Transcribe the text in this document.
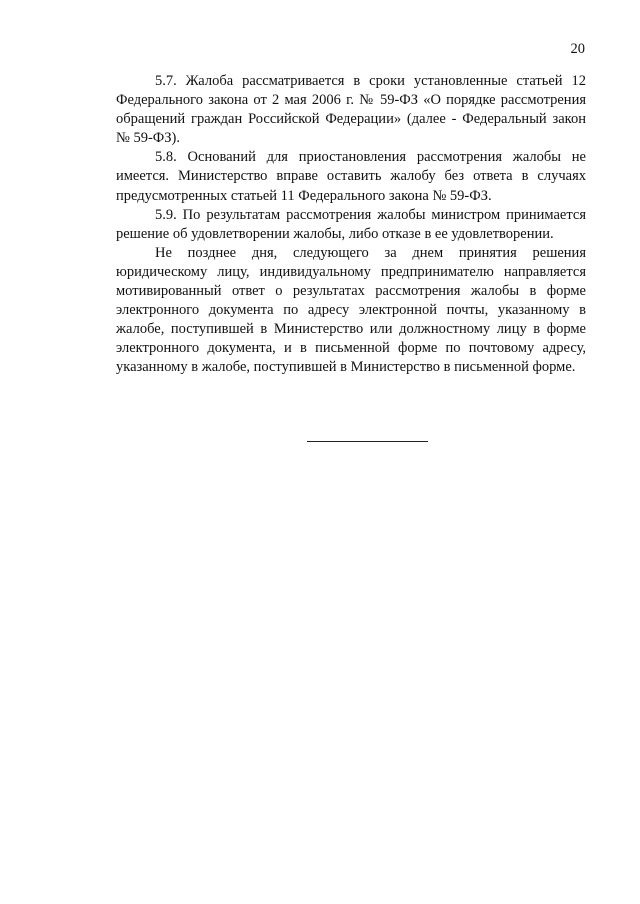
20

5.7. Жалоба рассматривается в сроки установленные статьей 12 Федерального закона от 2 мая 2006 г. № 59-ФЗ «О порядке рассмотрения обращений граждан Российской Федерации» (далее - Федеральный закон № 59-ФЗ).

5.8. Оснований для приостановления рассмотрения жалобы не имеется. Министерство вправе оставить жалобу без ответа в случаях предусмотренных статьей 11 Федерального закона № 59-ФЗ.

5.9. По результатам рассмотрения жалобы министром принимается решение об удовлетворении жалобы, либо отказе в ее удовлетворении.

Не позднее дня, следующего за днем принятия решения юридическому лицу, индивидуальному предпринимателю направляется мотивированный ответ о результатах рассмотрения жалобы в форме электронного документа по адресу электронной почты, указанному в жалобе, поступившей в Министерство или должностному лицу в форме электронного документа, и в письменной форме по почтовому адресу, указанному в жалобе, поступившей в Министерство в письменной форме.
